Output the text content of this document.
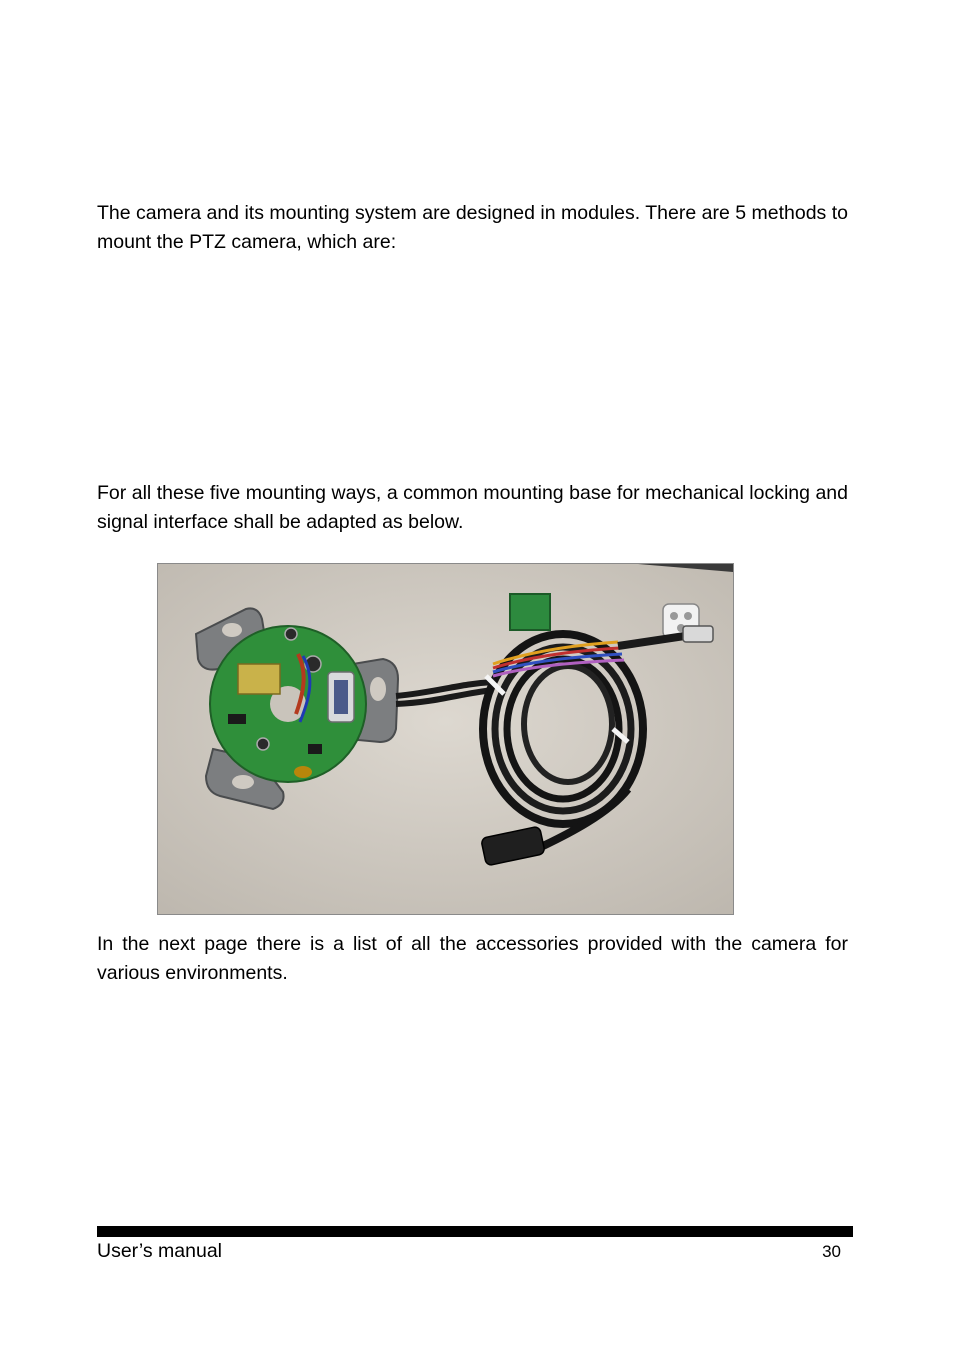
The camera and its mounting system are designed in modules. There are 5 methods to mount the PTZ camera, which are:

For all these five mounting ways, a common mounting base for mechanical locking and signal interface shall be adapted as below.

In the next page there is a list of all the accessories provided with the camera for various environments.

User’s manual	30
